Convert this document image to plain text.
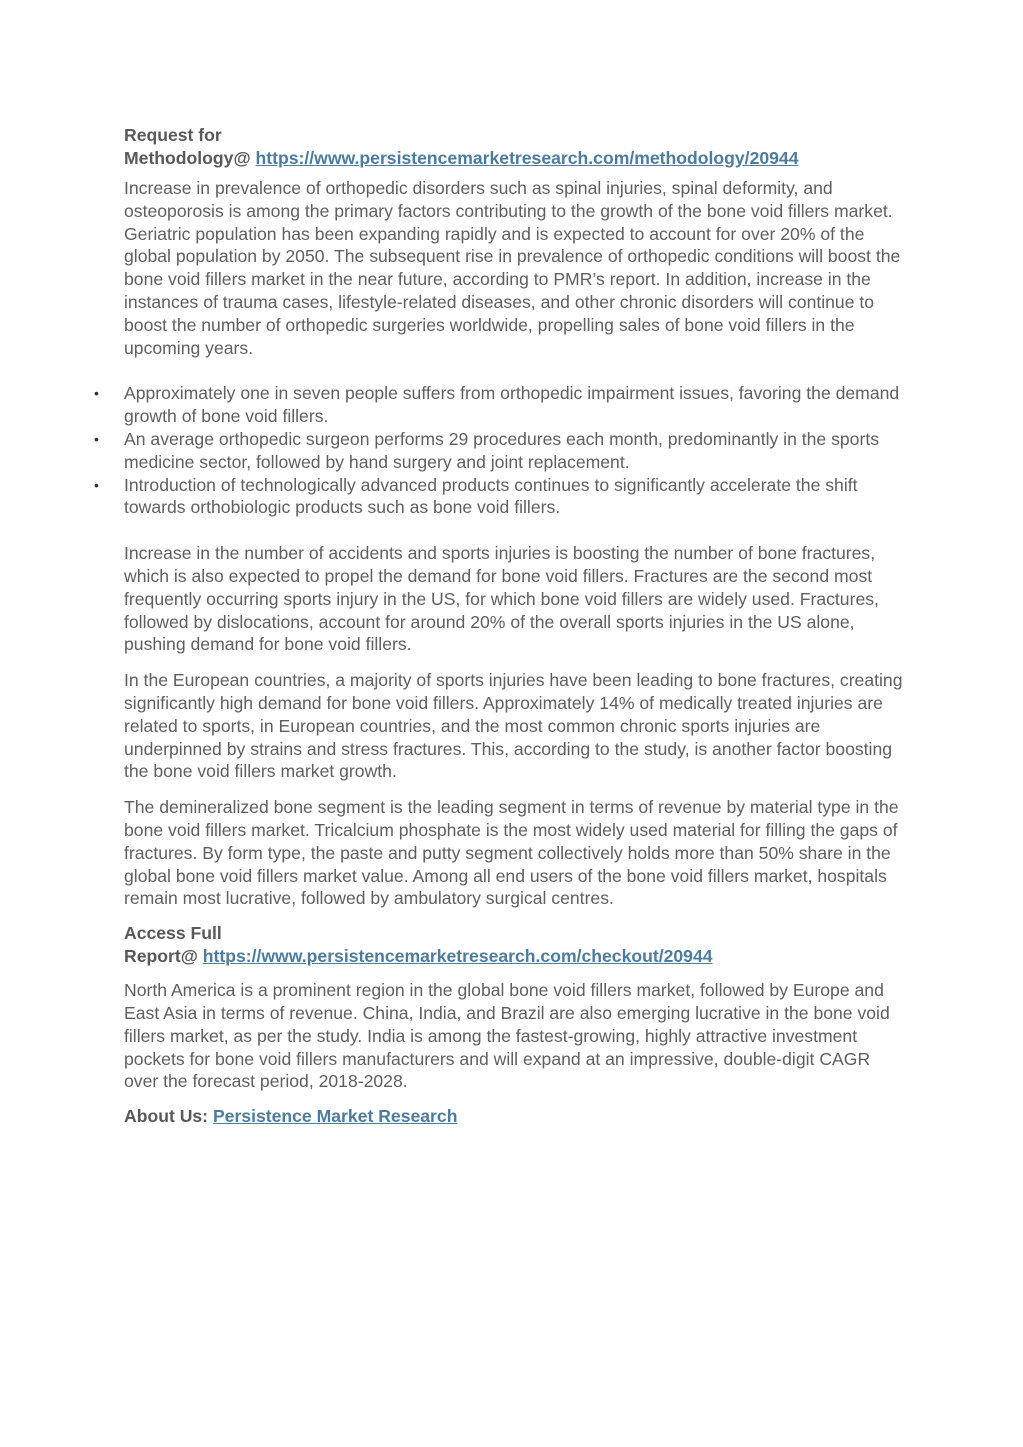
Request for
Methodology@ https://www.persistencemarketresearch.com/methodology/20944

Increase in prevalence of orthopedic disorders such as spinal injuries, spinal deformity, and osteoporosis is among the primary factors contributing to the growth of the bone void fillers market. Geriatric population has been expanding rapidly and is expected to account for over 20% of the global population by 2050. The subsequent rise in prevalence of orthopedic conditions will boost the bone void fillers market in the near future, according to PMR’s report. In addition, increase in the instances of trauma cases, lifestyle-related diseases, and other chronic disorders will continue to boost the number of orthopedic surgeries worldwide, propelling sales of bone void fillers in the upcoming years.

• Approximately one in seven people suffers from orthopedic impairment issues, favoring the demand growth of bone void fillers.
• An average orthopedic surgeon performs 29 procedures each month, predominantly in the sports medicine sector, followed by hand surgery and joint replacement.
• Introduction of technologically advanced products continues to significantly accelerate the shift towards orthobiologic products such as bone void fillers.

Increase in the number of accidents and sports injuries is boosting the number of bone fractures, which is also expected to propel the demand for bone void fillers. Fractures are the second most frequently occurring sports injury in the US, for which bone void fillers are widely used. Fractures, followed by dislocations, account for around 20% of the overall sports injuries in the US alone, pushing demand for bone void fillers.

In the European countries, a majority of sports injuries have been leading to bone fractures, creating significantly high demand for bone void fillers. Approximately 14% of medically treated injuries are related to sports, in European countries, and the most common chronic sports injuries are underpinned by strains and stress fractures. This, according to the study, is another factor boosting the bone void fillers market growth.

The demineralized bone segment is the leading segment in terms of revenue by material type in the bone void fillers market. Tricalcium phosphate is the most widely used material for filling the gaps of fractures. By form type, the paste and putty segment collectively holds more than 50% share in the global bone void fillers market value. Among all end users of the bone void fillers market, hospitals remain most lucrative, followed by ambulatory surgical centres.

Access Full
Report@ https://www.persistencemarketresearch.com/checkout/20944

North America is a prominent region in the global bone void fillers market, followed by Europe and East Asia in terms of revenue. China, India, and Brazil are also emerging lucrative in the bone void fillers market, as per the study. India is among the fastest-growing, highly attractive investment pockets for bone void fillers manufacturers and will expand at an impressive, double-digit CAGR over the forecast period, 2018-2028.

About Us: Persistence Market Research
